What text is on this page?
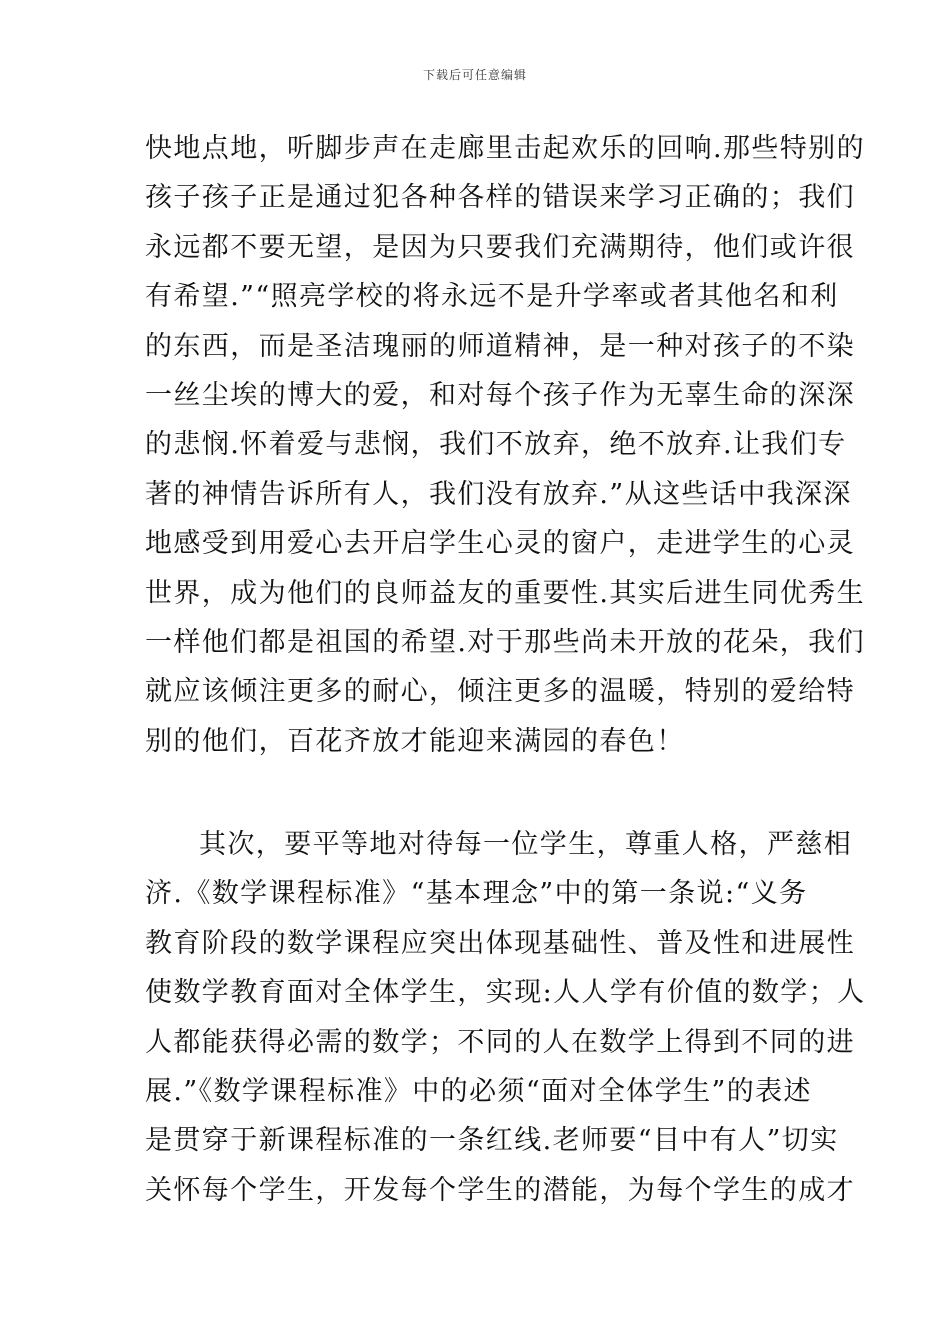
下载后可任意编辑
快地点地，听脚步声在走廊里击起欢乐的回响.那些特别的
孩子孩子正是通过犯各种各样的错误来学习正确的；我们
永远都不要无望，是因为只要我们充满期待，他们或许很
有希望.”“照亮学校的将永远不是升学率或者其他名和利
的东西，而是圣洁瑰丽的师道精神，是一种对孩子的不染
一丝尘埃的博大的爱，和对每个孩子作为无辜生命的深深
的悲悯.怀着爱与悲悯，我们不放弃，绝不放弃.让我们专
著的神情告诉所有人，我们没有放弃.”从这些话中我深深
地感受到用爱心去开启学生心灵的窗户，走进学生的心灵
世界，成为他们的良师益友的重要性.其实后进生同优秀生
一样他们都是祖国的希望.对于那些尚未开放的花朵，我们
就应该倾注更多的耐心，倾注更多的温暖，特别的爱给特
别的他们，百花齐放才能迎来满园的春色！
其次，要平等地对待每一位学生，尊重人格，严慈相
济.《数学课程标准》“基本理念”中的第一条说:“义务
教育阶段的数学课程应突出体现基础性、普及性和进展性
使数学教育面对全体学生，实现:人人学有价值的数学；人
人都能获得必需的数学；不同的人在数学上得到不同的进
展.”《数学课程标准》中的必须“面对全体学生”的表述
是贯穿于新课程标准的一条红线.老师要“目中有人”切实
关怀每个学生，开发每个学生的潜能，为每个学生的成才
